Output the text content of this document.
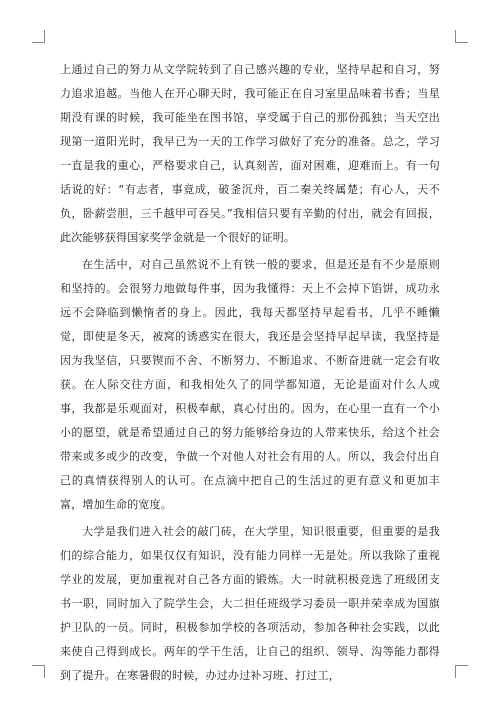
上通过自己的努力从文学院转到了自己感兴趣的专业，坚持早起和自习，努力追求追越。当他人在开心聊天时，我可能正在自习室里品味着书香；当星期没有课的时候，我可能坐在图书馆，享受属于自己的那份孤独；当天空出现第一道阳光时，我早已为一天的工作学习做好了充分的准备。总之，学习一直是我的重心，严格要求自己，认真刻苦，面对困难，迎难而上。有一句话说的好：“有志者，事竟成，破釜沉舟，百二秦关终属楚；有心人，天不负，卧薪尝胆，三千越甲可吞吴。”我相信只要有辛勤的付出，就会有回报，此次能够获得国家奖学金就是一个很好的证明。

在生活中，对自己虽然说不上有铁一般的要求，但是还是有不少是原则和坚持的。会很努力地做每件事，因为我懂得：天上不会掉下馅饼，成功永远不会降临到懒惰者的身上。因此，我每天都坚持早起看书，几乎不睡懒觉，即使是冬天，被窝的诱惑实在很大，我还是会坚持早起早读，我坚持是因为我坚信，只要锲而不舍、不断努力、不断追求、不断奋进就一定会有收获。在人际交往方面，和我相处久了的同学都知道，无论是面对什么人或事，我都是乐观面对，积极奉献，真心付出的。因为，在心里一直有一个小小的愿望，就是希望通过自己的努力能够给身边的人带来快乐，给这个社会带来或多或少的改变，争做一个对他人对社会有用的人。所以，我会付出自己的真情获得别人的认可。在点滴中把自己的生活过的更有意义和更加丰富，增加生命的宽度。

大学是我们进入社会的敲门砖，在大学里，知识很重要，但重要的是我们的综合能力，如果仅仅有知识，没有能力同样一无是处。所以我除了重视学业的发展，更加重视对自己各方面的锻炼。大一时就积极竞选了班级团支书一职，同时加入了院学生会，大二担任班级学习委员一职并荣幸成为国旗护卫队的一员。同时，积极参加学校的各项活动，参加各种社会实践，以此来使自己得到成长。两年的学干生活，让自己的组织、领导、沟等能力都得到了提升。在寒暑假的时候，办过办过补习班、打过工，
